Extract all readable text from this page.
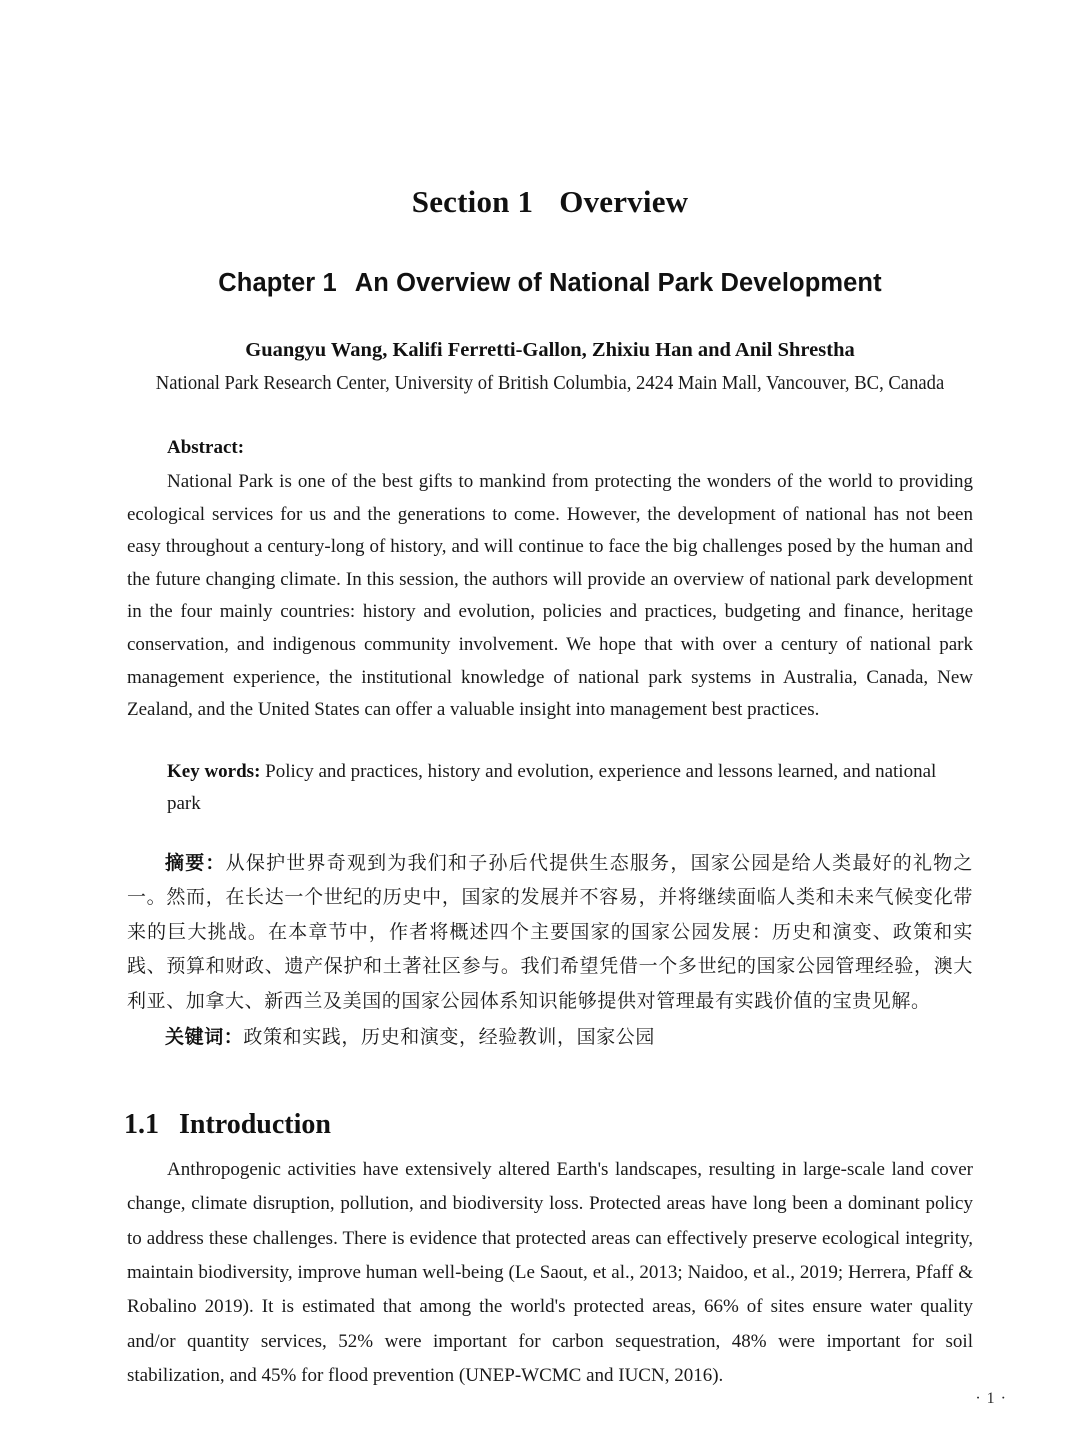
Section 1 Overview
Chapter 1 An Overview of National Park Development

Guangyu Wang, Kalifi Ferretti-Gallon, Zhixiu Han and Anil Shrestha

National Park Research Center, University of British Columbia, 2424 Main Mall, Vancouver, BC, Canada

Abstract:

National Park is one of the best gifts to mankind from protecting the wonders of the world to providing ecological services for us and the generations to come. However, the development of national has not been easy throughout a century-long of history, and will continue to face the big challenges posed by the human and the future changing climate. In this session, the authors will provide an overview of national park development in the four mainly countries: history and evolution, policies and practices, budgeting and finance, heritage conservation, and indigenous community involvement. We hope that with over a century of national park management experience, the institutional knowledge of national park systems in Australia, Canada, New Zealand, and the United States can offer a valuable insight into management best practices.

Key words: Policy and practices, history and evolution, experience and lessons learned, and national park

摘要：从保护世界奇观到为我们和子孙后代提供生态服务，国家公园是给人类最好的礼物之一。然而，在长达一个世纪的历史中，国家的发展并不容易，并将继续面临人类和未来气候变化带来的巨大挑战。在本章节中，作者将概述四个主要国家的国家公园发展：历史和演变、政策和实践、预算和财政、遗产保护和土著社区参与。我们希望凭借一个多世纪的国家公园管理经验，澳大利亚、加拿大、新西兰及美国的国家公园体系知识能够提供对管理最有实践价值的宝贵见解。

关键词：政策和实践，历史和演变，经验教训，国家公园

1.1 Introduction

Anthropogenic activities have extensively altered Earth's landscapes, resulting in large-scale land cover change, climate disruption, pollution, and biodiversity loss. Protected areas have long been a dominant policy to address these challenges. There is evidence that protected areas can effectively preserve ecological integrity, maintain biodiversity, improve human well-being (Le Saout, et al., 2013; Naidoo, et al., 2019; Herrera, Pfaff & Robalino 2019). It is estimated that among the world's protected areas, 66% of sites ensure water quality and/or quantity services, 52% were important for carbon sequestration, 48% were important for soil stabilization, and 45% for flood prevention (UNEP-WCMC and IUCN, 2016).

· 1 ·
